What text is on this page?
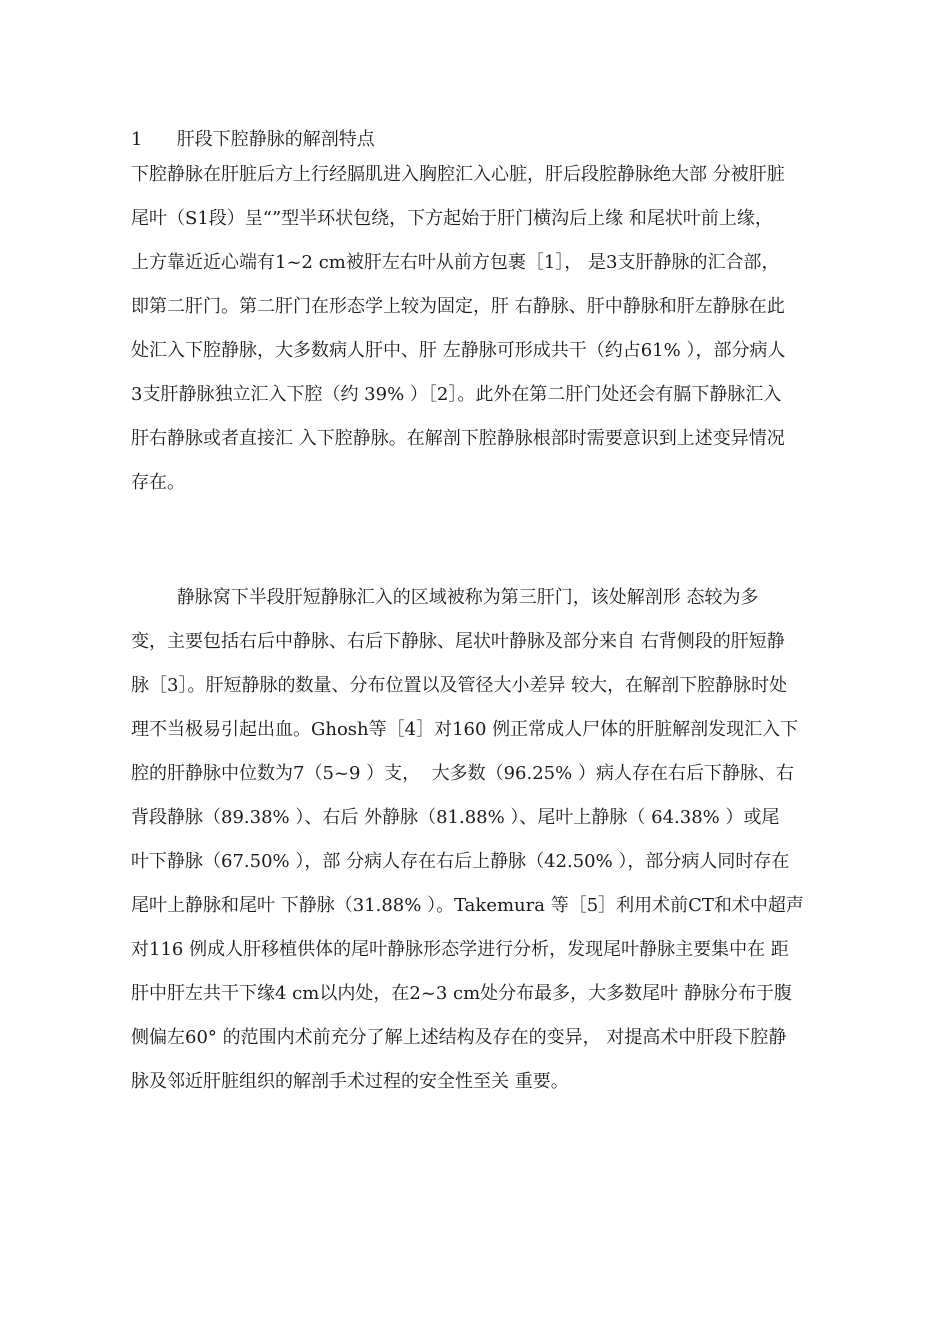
1      肝段下腔静脉的解剖特点
下腔静脉在肝脏后方上行经膈肌进入胸腔汇入心脏，肝后段腔静脉绝大部 分被肝脏
尾叶（S1段）呈“”型半环状包绕，下方起始于肝门横沟后上缘 和尾状叶前上缘，
上方靠近近心端有1~2 cm被肝左右叶从前方包裹［1］， 是3支肝静脉的汇合部，
即第二肝门。第二肝门在形态学上较为固定，肝 右静脉、肝中静脉和肝左静脉在此
处汇入下腔静脉，大多数病人肝中、肝 左静脉可形成共干（约占61% ），部分病人
3支肝静脉独立汇入下腔（约 39% ）［2］。此外在第二肝门处还会有膈下静脉汇入
肝右静脉或者直接汇 入下腔静脉。在解剖下腔静脉根部时需要意识到上述变异情况
存在。
静脉窝下半段肝短静脉汇入的区域被称为第三肝门，该处解剖形 态较为多
变，主要包括右后中静脉、右后下静脉、尾状叶静脉及部分来自 右背侧段的肝短静
脉［3］。肝短静脉的数量、分布位置以及管径大小差异 较大，在解剖下腔静脉时处
理不当极易引起出血。Ghosh等［4］对160 例正常成人尸体的肝脏解剖发现汇入下
腔的肝静脉中位数为7（5~9 ）支，  大多数（96.25% ）病人存在右后下静脉、右
背段静脉（89.38% ）、右后 外静脉（81.88% ）、尾叶上静脉（ 64.38% ）或尾
叶下静脉（67.50% ），部 分病人存在右后上静脉（42.50% ），部分病人同时存在
尾叶上静脉和尾叶 下静脉（31.88% ）。Takemura 等［5］利用术前CT和术中超声
对116 例成人肝移植供体的尾叶静脉形态学进行分析，发现尾叶静脉主要集中在 距
肝中肝左共干下缘4 cm以内处，在2~3 cm处分布最多，大多数尾叶 静脉分布于腹
侧偏左60° 的范围内术前充分了解上述结构及存在的变异， 对提高术中肝段下腔静
脉及邻近肝脏组织的解剖手术过程的安全性至关 重要。
